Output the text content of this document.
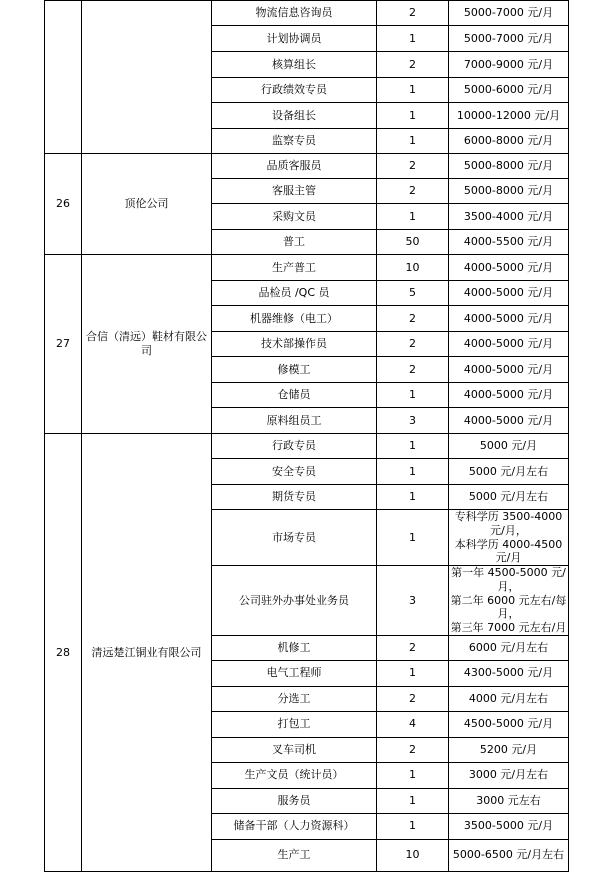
		物流信息咨询员	2	5000-7000 元/月
		计划协调员	1	5000-7000 元/月
		核算组长	2	7000-9000 元/月
		行政绩效专员	1	5000-6000 元/月
		设备组长	1	10000-12000 元/月
		监察专员	1	6000-8000 元/月
26	顶伦公司	品质客服员	2	5000-8000 元/月
		客服主管	2	5000-8000 元/月
		采购文员	1	3500-4000 元/月
		普工	50	4000-5500 元/月
27	合信（清远）鞋材有限公司	生产普工	10	4000-5000 元/月
		品检员 /QC 员	5	4000-5000 元/月
		机器维修（电工）	2	4000-5000 元/月
		技术部操作员	2	4000-5000 元/月
		修模工	2	4000-5000 元/月
		仓储员	1	4000-5000 元/月
		原料组员工	3	4000-5000 元/月
28	清远楚江铜业有限公司	行政专员	1	5000 元/月
		安全专员	1	5000 元/月左右
		期货专员	1	5000 元/月左右
		市场专员	1	专科学历 3500-4000 元/月，
本科学历 4000-4500 元/月

		公司驻外办事处业务员	3	第一年 4500-5000 元/月，
第二年 6000 元左右/每月，
第三年 7000 元左右/月

		机修工	2	6000 元/月左右
		电气工程师	1	4300-5000 元/月
		分选工	2	4000 元/月左右
		打包工	4	4500-5000 元/月
		叉车司机	2	5200 元/月
		生产文员（统计员）	1	3000 元/月左右
		服务员	1	3000 元左右
		储备干部（人力资源科）	1	3500-5000 元/月
		生产工	10	5000-6500 元/月左右
